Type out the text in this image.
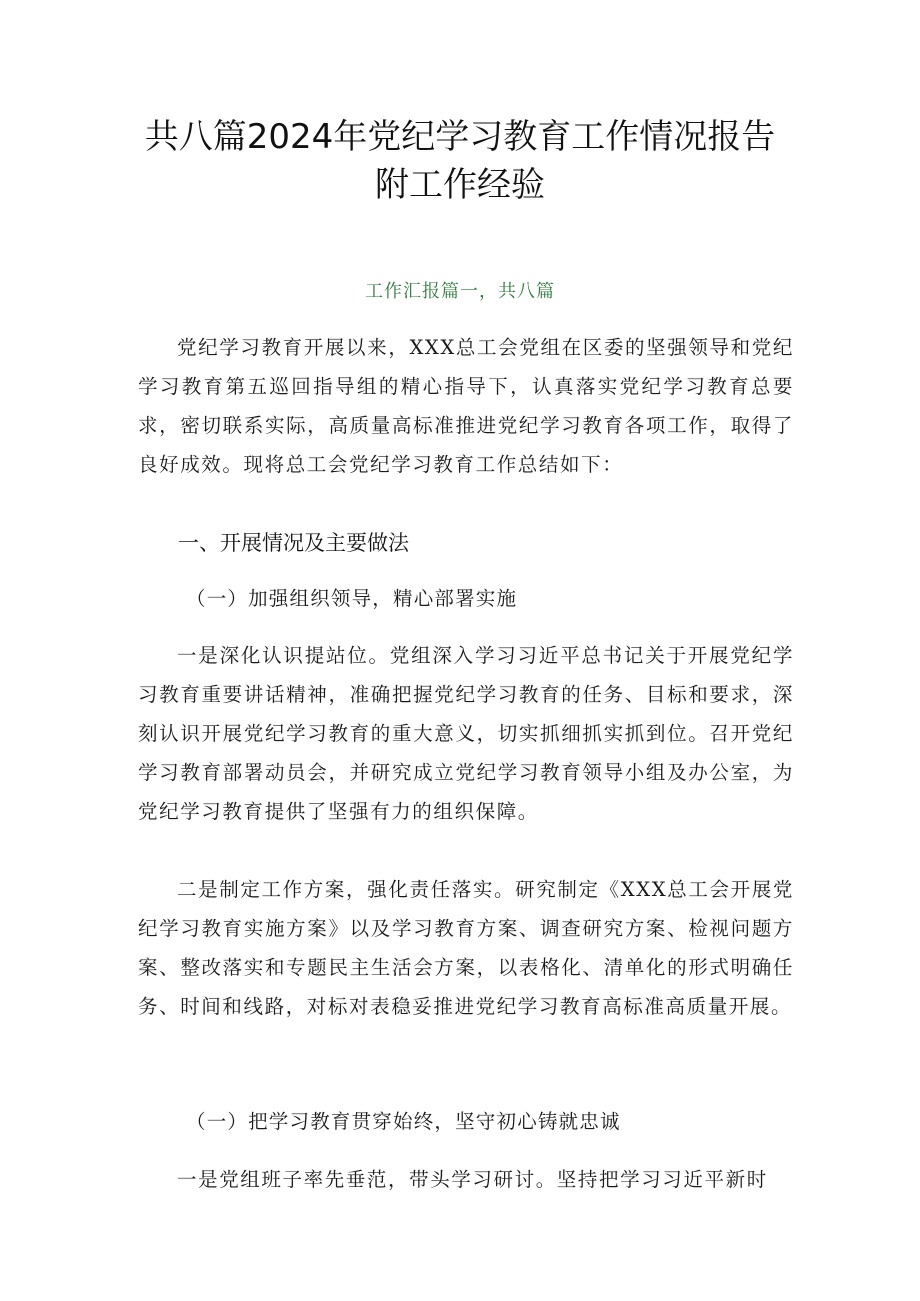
共八篇2024年党纪学习教育工作情况报告
附工作经验
工作汇报篇一，共八篇

党纪学习教育开展以来，XXX总工会党组在区委的坚强领导和党纪学习教育第五巡回指导组的精心指导下，认真落实党纪学习教育总要求，密切联系实际，高质量高标准推进党纪学习教育各项工作，取得了良好成效。现将总工会党纪学习教育工作总结如下：

一、开展情况及主要做法

（一）加强组织领导，精心部署实施

一是深化认识提站位。党组深入学习习近平总书记关于开展党纪学习教育重要讲话精神，准确把握党纪学习教育的任务、目标和要求，深刻认识开展党纪学习教育的重大意义，切实抓细抓实抓到位。召开党纪学习教育部署动员会，并研究成立党纪学习教育领导小组及办公室，为党纪学习教育提供了坚强有力的组织保障。

二是制定工作方案，强化责任落实。研究制定《XXX总工会开展党纪学习教育实施方案》以及学习教育方案、调查研究方案、检视问题方案、整改落实和专题民主生活会方案，以表格化、清单化的形式明确任务、时间和线路，对标对表稳妥推进党纪学习教育高标准高质量开展。

（一）把学习教育贯穿始终，坚守初心铸就忠诚

一是党组班子率先垂范，带头学习研讨。坚持把学习习近平新时
